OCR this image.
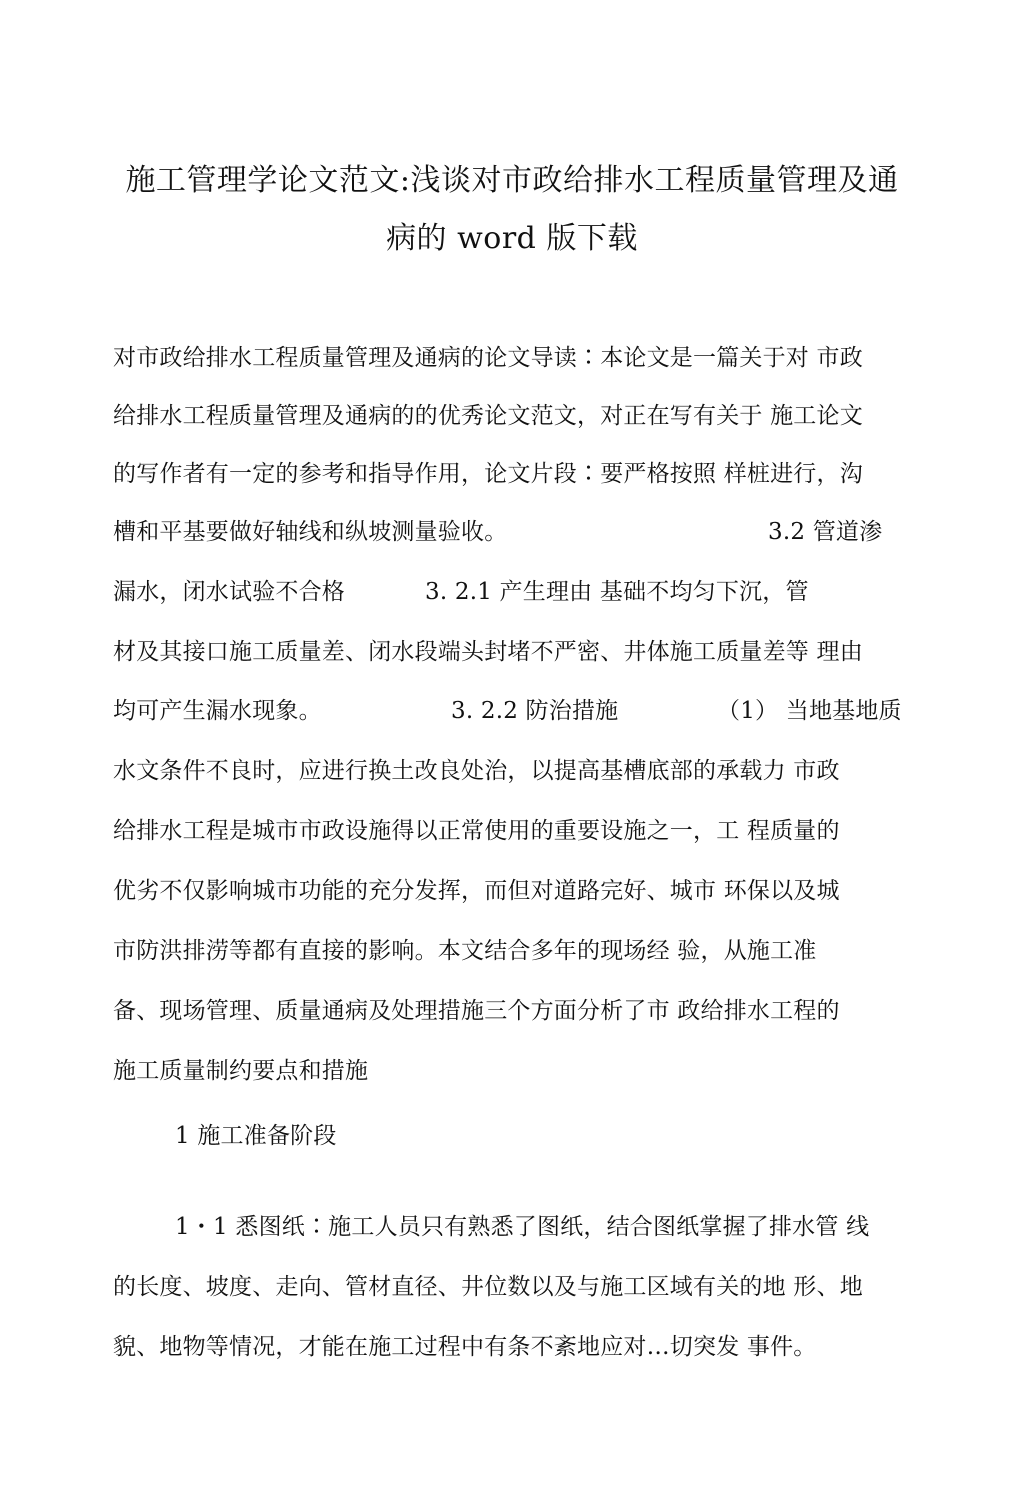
施工管理学论文范文:浅谈对市政给排水工程质量管理及通
病的 word 版下载
对市政给排水工程质量管理及通病的论文导读∶本论文是一篇关于对 市政
给排水工程质量管理及通病的的优秀论文范文，对正在写有关于 施工论文
的写作者有一定的参考和指导作用，论文片段∶要严格按照 样桩进行，沟
槽和平基要做好轴线和纵坡测量验收。	3.2 管道渗
漏水，闭水试验不合格	3. 2.1 产生理由 基础不均匀下沉，管
材及其接口施工质量差、闭水段端头封堵不严密、井体施工质量差等 理由
均可产生漏水现象。	3. 2.2 防治措施	（1） 当地基地质
水文条件不良时，应进行换土改良处治，以提高基槽底部的承载力 市政
给排水工程是城市市政设施得以正常使用的重要设施之一，工 程质量的
优劣不仅影响城市功能的充分发挥，而但对道路完好、城市 环保以及城
市防洪排涝等都有直接的影响。本文结合多年的现场经 验，从施工准
备、现场管理、质量通病及处理措施三个方面分析了市 政给排水工程的
施工质量制约要点和措施
1 施工准备阶段
1・1 悉图纸∶施工人员只有熟悉了图纸，结合图纸掌握了排水管 线
的长度、坡度、走向、管材直径、井位数以及与施工区域有关的地 形、地
貌、地物等情况，才能在施工过程中有条不紊地应对…切突发 事件。
